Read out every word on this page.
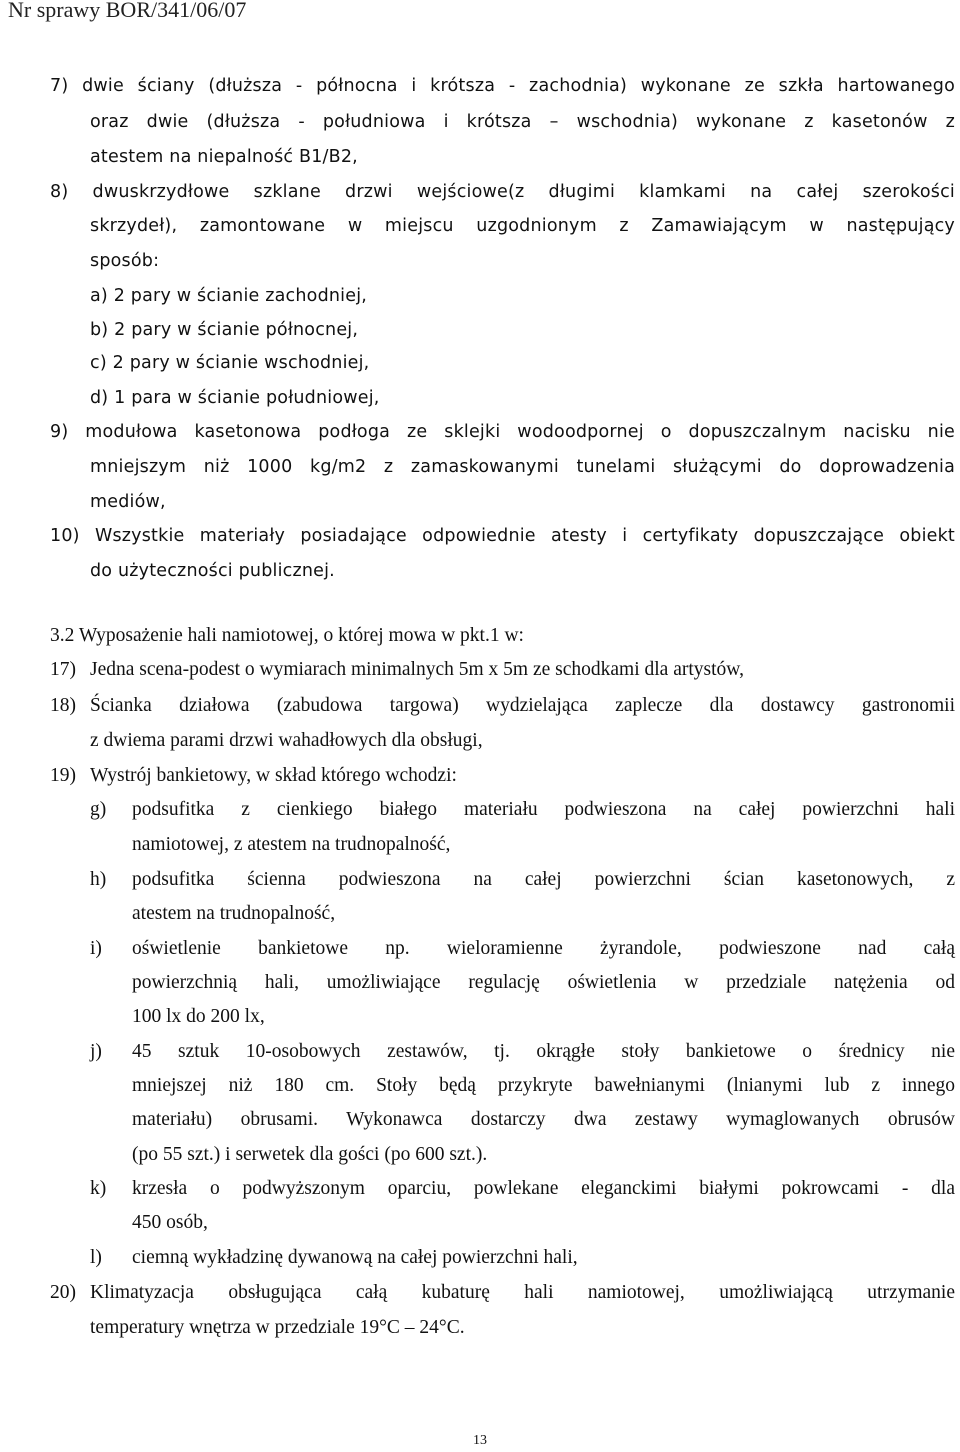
Nr sprawy BOR/341/06/07
7) dwie ściany (dłuższa - północna i krótsza - zachodnia) wykonane ze szkła hartowanego
oraz dwie (dłuższa - południowa i krótsza – wschodnia) wykonane z kasetonów z
atestem na niepalność B1/B2,
8) dwuskrzydłowe szklane drzwi wejściowe(z długimi klamkami na całej szerokości
skrzydeł), zamontowane w miejscu uzgodnionym z Zamawiającym w następujący
sposób:
a) 2 pary w ścianie zachodniej,
b) 2 pary w ścianie północnej,
c) 2 pary w ścianie wschodniej,
d) 1 para w ścianie południowej,
9) modułowa kasetonowa podłoga ze sklejki wodoodpornej o dopuszczalnym nacisku nie
mniejszym niż 1000 kg/m2 z zamaskowanymi tunelami służącymi do doprowadzenia
mediów,
10) Wszystkie materiały posiadające odpowiednie atesty i certyfikaty dopuszczające obiekt
do użyteczności publicznej.
3.2 Wyposażenie hali namiotowej, o której mowa w pkt.1 w:
17) Jedna scena-podest o wymiarach minimalnych 5m x 5m ze schodkami dla artystów,
18) Ścianka działowa (zabudowa targowa) wydzielająca zaplecze dla dostawcy gastronomii
z dwiema parami drzwi wahadłowych dla obsługi,
19) Wystrój bankietowy, w skład którego wchodzi:
g) podsufitka z cienkiego białego materiału podwieszona na całej powierzchni hali
namiotowej, z atestem na trudnopalność,
h) podsufitka ścienna podwieszona na całej powierzchni ścian kasetonowych, z
atestem na trudnopalność,
i) oświetlenie bankietowe np. wieloramienne żyrandole, podwieszone nad całą
powierzchnią hali, umożliwiające regulację oświetlenia w przedziale natężenia od
100 lx do 200 lx,
j) 45 sztuk 10-osobowych zestawów, tj. okrągłe stoły bankietowe o średnicy nie
mniejszej niż 180 cm. Stoły będą przykryte bawełnianymi (lnianymi lub z innego
materiału) obrusami. Wykonawca dostarczy dwa zestawy wymaglowanych obrusów
(po 55 szt.) i serwetek dla gości (po 600 szt.).
k) krzesła o podwyższonym oparciu, powlekane eleganckimi białymi pokrowcami - dla
450 osób,
l) ciemną wykładzinę dywanową na całej powierzchni hali,
20) Klimatyzacja obsługująca całą kubaturę hali namiotowej, umożliwiającą utrzymanie
temperatury wnętrza w przedziale 19°C – 24°C.
13
